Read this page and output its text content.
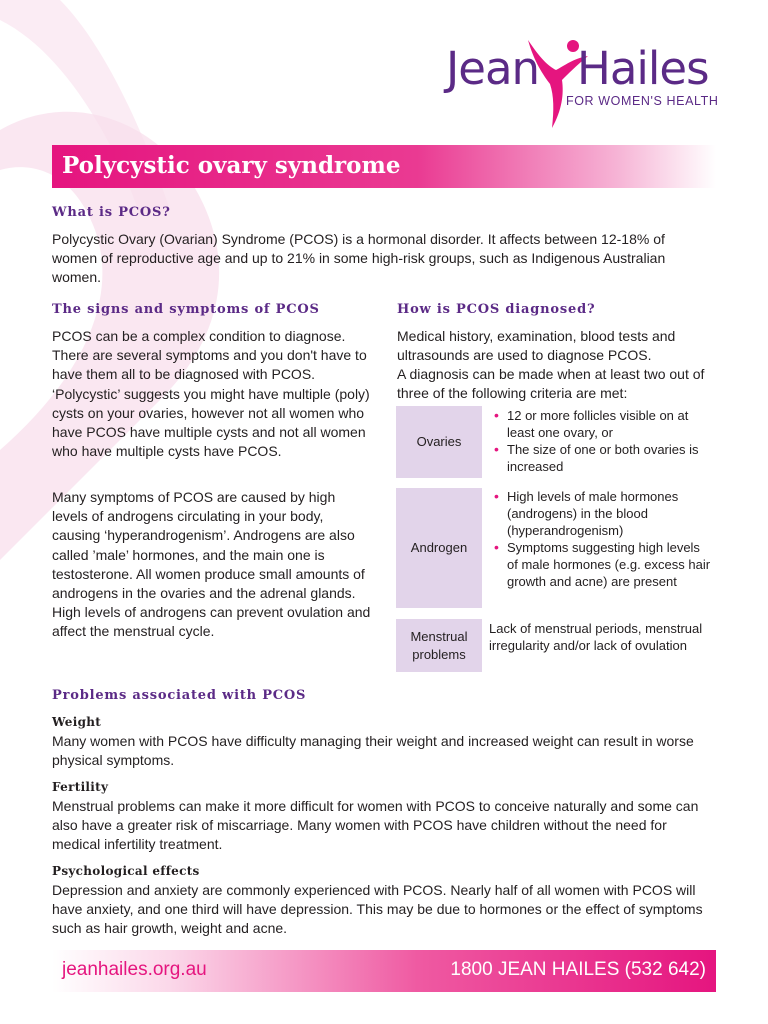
Jean Hailes
FOR WOMEN'S HEALTH
Polycystic ovary syndrome
What is PCOS?

Polycystic Ovary (Ovarian) Syndrome (PCOS) is a hormonal disorder. It affects between 12-18% of women of reproductive age and up to 21% in some high-risk groups, such as Indigenous Australian women.

The signs and symptoms of PCOS

PCOS can be a complex condition to diagnose. There are several symptoms and you don't have to have them all to be diagnosed with PCOS. ‘Polycystic’ suggests you might have multiple (poly) cysts on your ovaries, however not all women who have PCOS have multiple cysts and not all women who have multiple cysts have PCOS.

Many symptoms of PCOS are caused by high levels of androgens circulating in your body, causing ‘hyperandrogenism’. Androgens are also called ’male’ hormones, and the main one is testosterone. All women produce small amounts of androgens in the ovaries and the adrenal glands. High levels of androgens can prevent ovulation and affect the menstrual cycle.

How is PCOS diagnosed?

Medical history, examination, blood tests and ultrasounds are used to diagnose PCOS.

A diagnosis can be made when at least two out of three of the following criteria are met:

Ovaries
• 12 or more follicles visible on at least one ovary, or
• The size of one or both ovaries is increased
Androgen
• High levels of male hormones (androgens) in the blood (hyperandrogenism)
• Symptoms suggesting high levels of male hormones (e.g. excess hair growth and acne) are present
Menstrual problems

Lack of menstrual periods, menstrual irregularity and/or lack of ovulation

Problems associated with PCOS
Weight

Many women with PCOS have difficulty managing their weight and increased weight can result in worse physical symptoms.

Fertility

Menstrual problems can make it more difficult for women with PCOS to conceive naturally and some can also have a greater risk of miscarriage. Many women with PCOS have children without the need for medical infertility treatment.

Psychological effects

Depression and anxiety are commonly experienced with PCOS. Nearly half of all women with PCOS will have anxiety, and one third will have depression. This may be due to hormones or the effect of symptoms such as hair growth, weight and acne.

jeanhailes.org.au	1800 JEAN HAILES (532 642)
